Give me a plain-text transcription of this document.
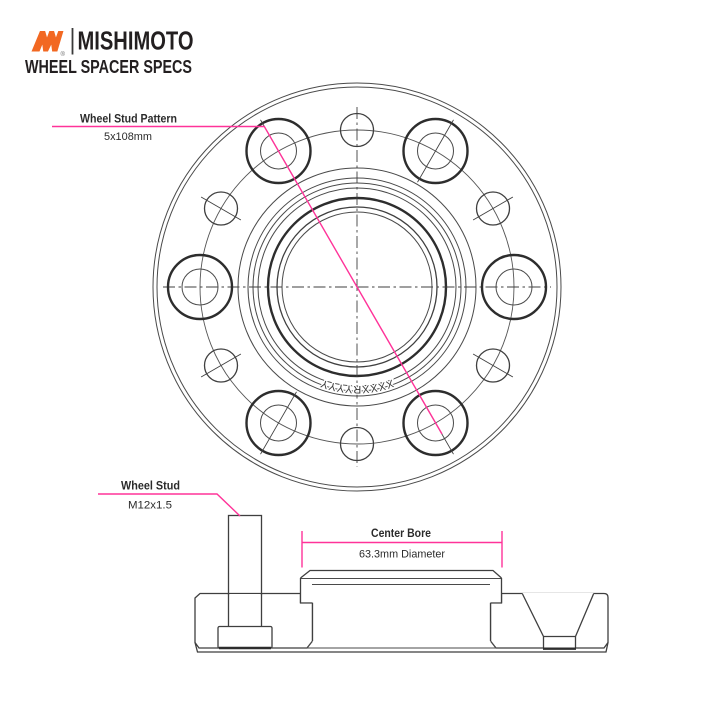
® MISHIMOTO
WHEEL SPACER SPECS
XXXXRYYYY
Wheel Stud Pattern
5x108mm
Wheel Stud
M12x1.5
Center Bore
63.3mm Diameter
